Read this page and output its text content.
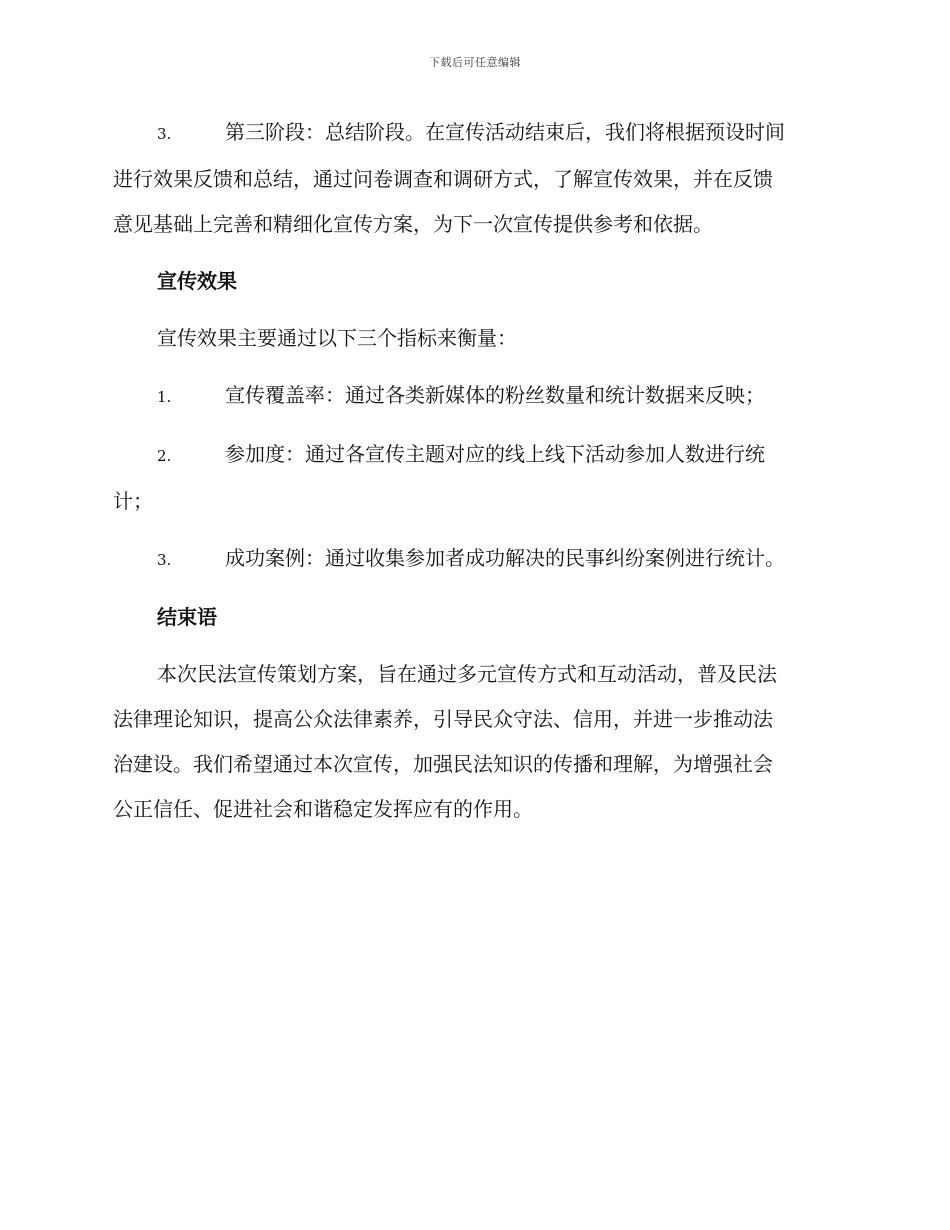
下载后可任意编辑
3.	第三阶段：总结阶段。在宣传活动结束后，我们将根据预设时间
进行效果反馈和总结，通过问卷调查和调研方式，了解宣传效果，并在反馈
意见基础上完善和精细化宣传方案，为下一次宣传提供参考和依据。
宣传效果
宣传效果主要通过以下三个指标来衡量：
1.	宣传覆盖率：通过各类新媒体的粉丝数量和统计数据来反映；
2.	参加度：通过各宣传主题对应的线上线下活动参加人数进行统
计；
3.	成功案例：通过收集参加者成功解决的民事纠纷案例进行统计。
结束语
本次民法宣传策划方案，旨在通过多元宣传方式和互动活动，普及民法
法律理论知识，提高公众法律素养，引导民众守法、信用，并进一步推动法
治建设。我们希望通过本次宣传，加强民法知识的传播和理解，为增强社会
公正信任、促进社会和谐稳定发挥应有的作用。
